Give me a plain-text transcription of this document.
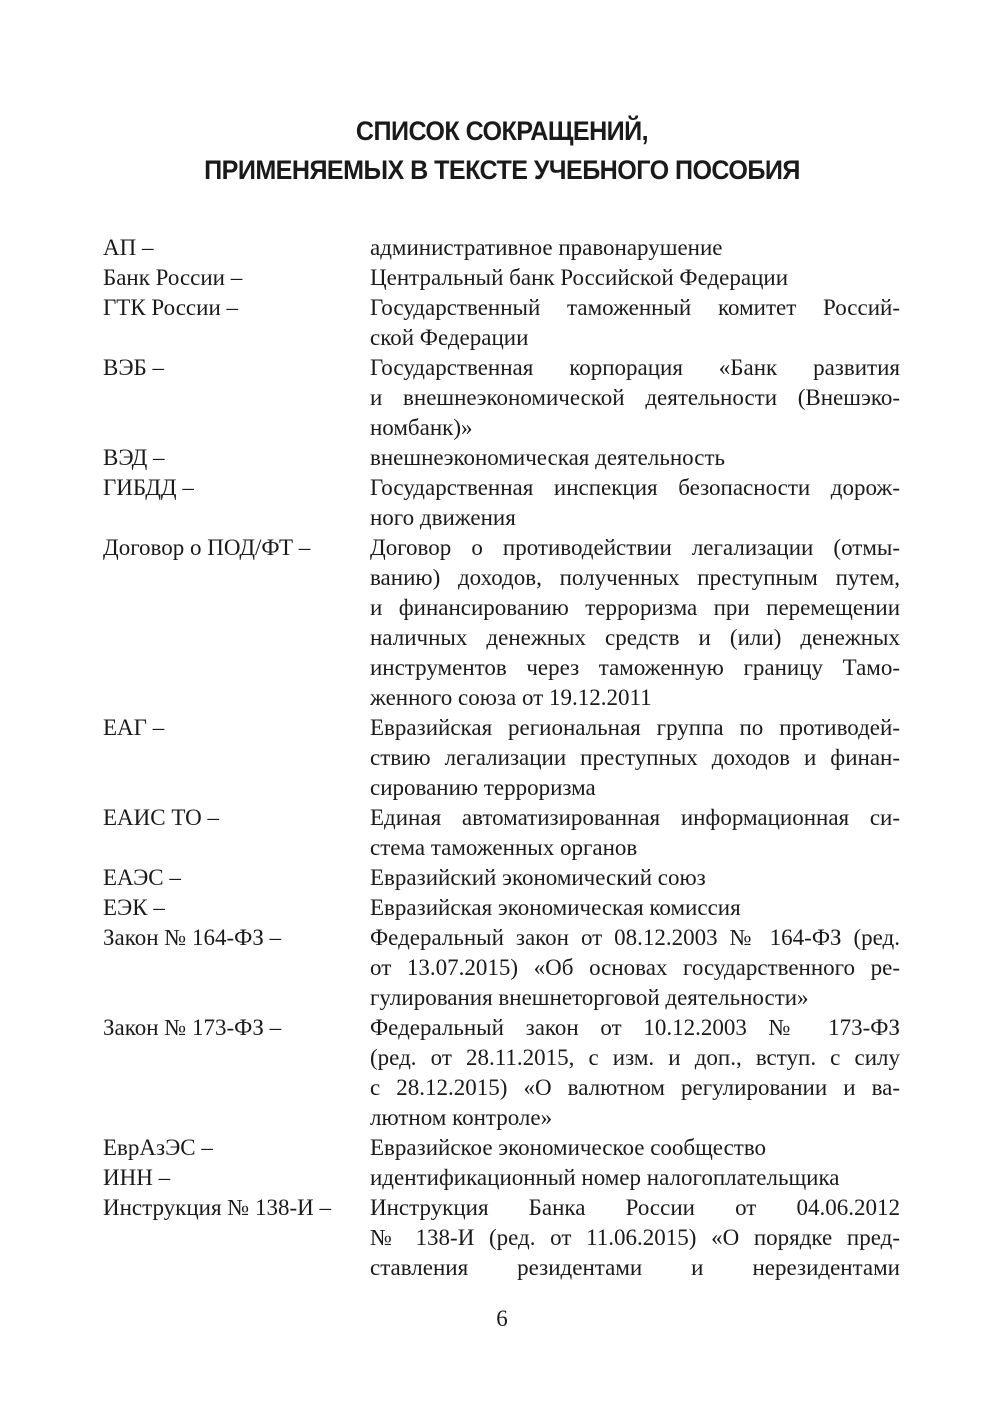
СПИСОК СОКРАЩЕНИЙ,
ПРИМЕНЯЕМЫХ В ТЕКСТЕ УЧЕБНОГО ПОСОБИЯ
АП –	административное правонарушение
Банк России –	Центральный банк Российской Федерации
ГТК России –	Государственный таможенный комитет Россий-
ской Федерации
ВЭБ –	Государственная корпорация «Банк развития
и внешнеэкономической деятельности (Внешэко-
номбанк)»
ВЭД –	внешнеэкономическая деятельность
ГИБДД –	Государственная инспекция безопасности дорож-
ного движения
Договор о ПОД/ФТ –	Договор о противодействии легализации (отмы-
ванию) доходов, полученных преступным путем,
и финансированию терроризма при перемещении
наличных денежных средств и (или) денежных
инструментов через таможенную границу Тамо-
женного союза от 19.12.2011
ЕАГ –	Евразийская региональная группа по противодей-
ствию легализации преступных доходов и финан-
сированию терроризма
ЕАИС ТО –	Единая автоматизированная информационная си-
стема таможенных органов
ЕАЭС –	Евразийский экономический союз
ЕЭК –	Евразийская экономическая комиссия
Закон № 164-ФЗ –	Федеральный закон от 08.12.2003 № 164-ФЗ (ред.
от 13.07.2015) «Об основах государственного ре-
гулирования внешнеторговой деятельности»
Закон № 173-ФЗ –	Федеральный закон от 10.12.2003 № 173-ФЗ
(ред. от 28.11.2015, с изм. и доп., вступ. с силу
с 28.12.2015) «О валютном регулировании и ва-
лютном контроле»
ЕврАзЭС –	Евразийское экономическое сообщество
ИНН –	идентификационный номер налогоплательщика
Инструкция № 138-И –	Инструкция Банка России от 04.06.2012
№ 138-И (ред. от 11.06.2015) «О порядке пред-
ставления резидентами и нерезидентами
6
